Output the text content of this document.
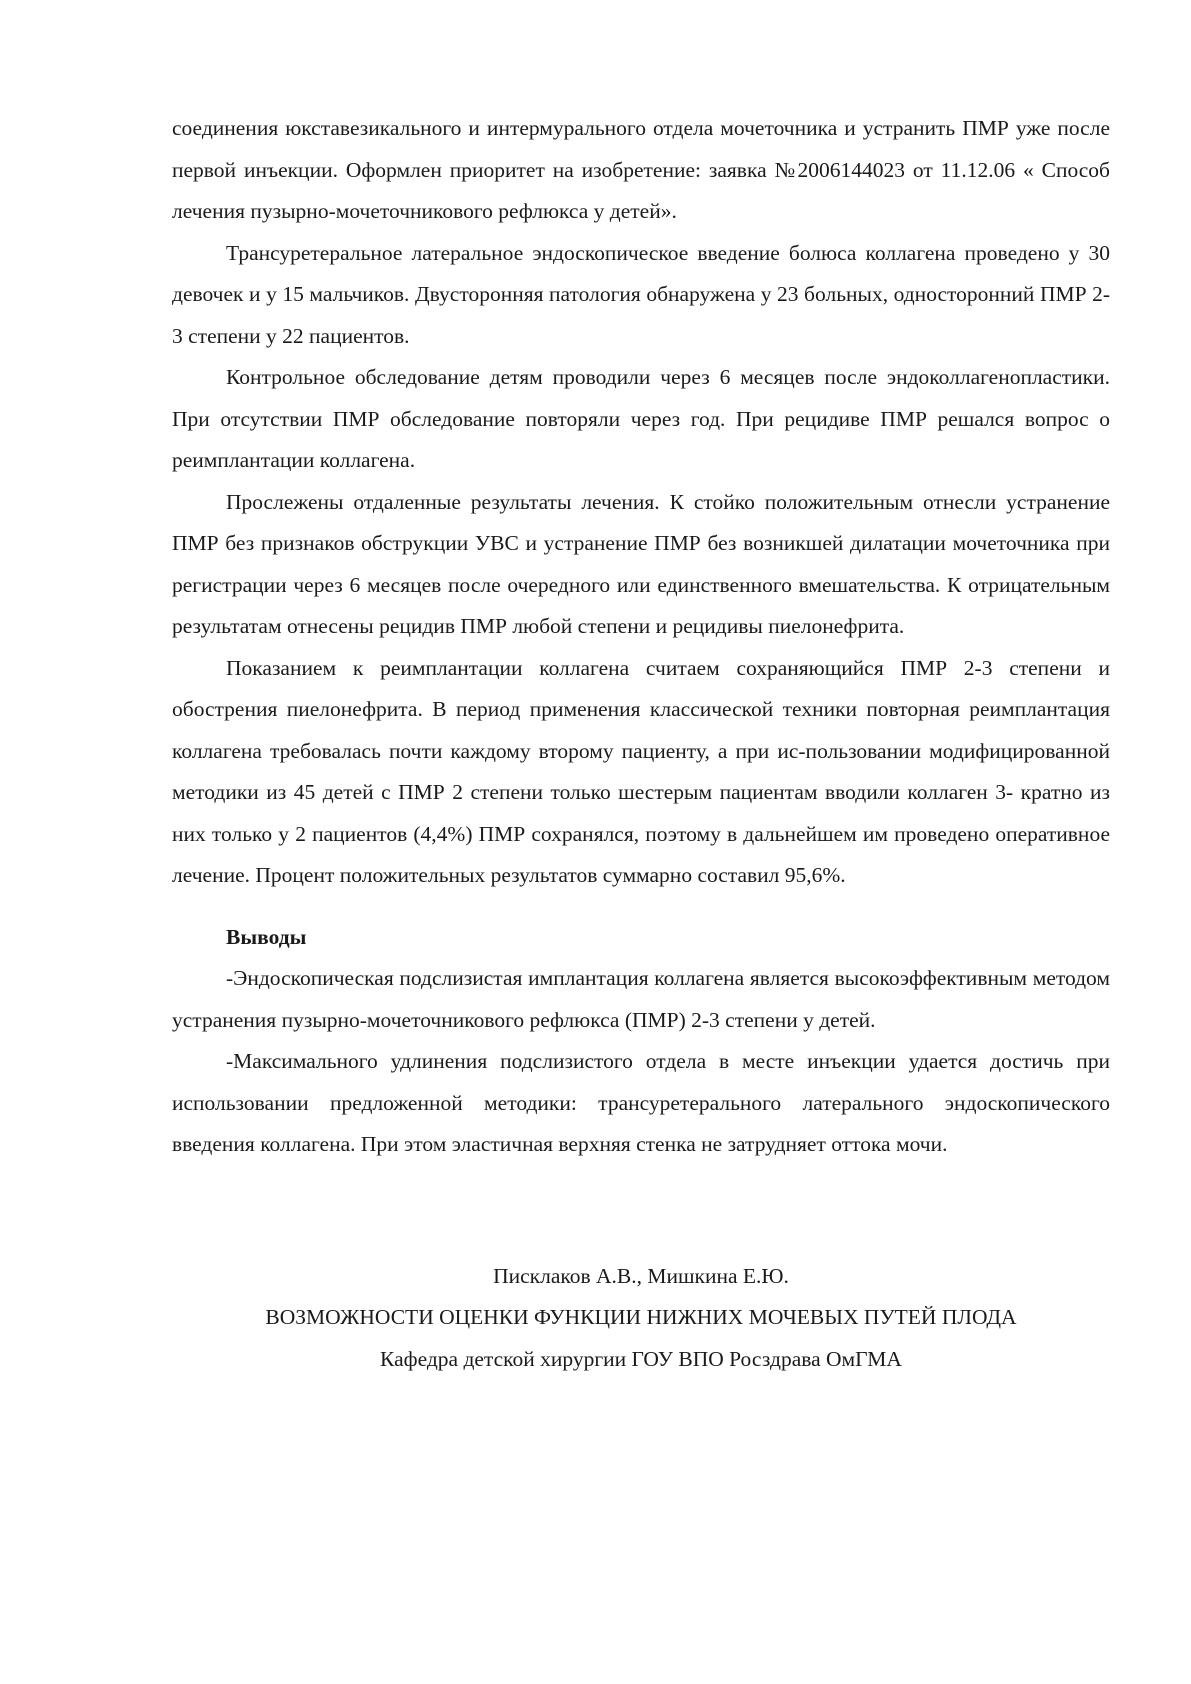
соединения юкставезикального и интермурального отдела мочеточника и устранить ПМР уже после первой инъекции. Оформлен приоритет на изобретение: заявка №2006144023 от 11.12.06 « Способ лечения пузырно-мочеточникового рефлюкса у детей».

Трансуретеральное латеральное эндоскопическое введение болюса коллагена проведено у 30 девочек и у 15 мальчиков. Двусторонняя патология обнаружена у 23 больных, односторонний ПМР 2-3 степени у 22 пациентов.

Контрольное обследование детям проводили через 6 месяцев после эндоколлагенопластики. При отсутствии ПМР обследование повторяли через год. При рецидиве ПМР решался вопрос о реимплантации коллагена.

Прослежены отдаленные результаты лечения. К стойко положительным отнесли устранение ПМР без признаков обструкции УВС и устранение ПМР без возникшей дилатации мочеточника при регистрации через 6 месяцев после очередного или единственного вмешательства. К отрицательным результатам отнесены рецидив ПМР любой степени и рецидивы пиелонефрита.

Показанием к реимплантации коллагена считаем сохраняющийся ПМР 2-3 степени и обострения пиелонефрита. В период применения классической техники повторная реимплантация коллагена требовалась почти каждому второму пациенту, а при ис-пользовании модифицированной методики из 45 детей с ПМР 2 степени только шестерым пациентам вводили коллаген 3- кратно из них только у 2 пациентов (4,4%) ПМР сохранялся, поэтому в дальнейшем им проведено оперативное лечение. Процент положительных результатов суммарно составил 95,6%.

Выводы

-Эндоскопическая подслизистая имплантация коллагена является высокоэффективным методом устранения пузырно-мочеточникового рефлюкса (ПМР) 2-3 степени у детей.

-Максимального удлинения подслизистого отдела в месте инъекции удается достичь при использовании предложенной методики: трансуретерального латерального эндоскопического введения коллагена. При этом эластичная верхняя стенка не затрудняет оттока мочи.

Писклаков А.В., Мишкина Е.Ю.

ВОЗМОЖНОСТИ ОЦЕНКИ ФУНКЦИИ НИЖНИХ МОЧЕВЫХ ПУТЕЙ ПЛОДА

Кафедра детской хирургии ГОУ ВПО Росздрава ОмГМА
